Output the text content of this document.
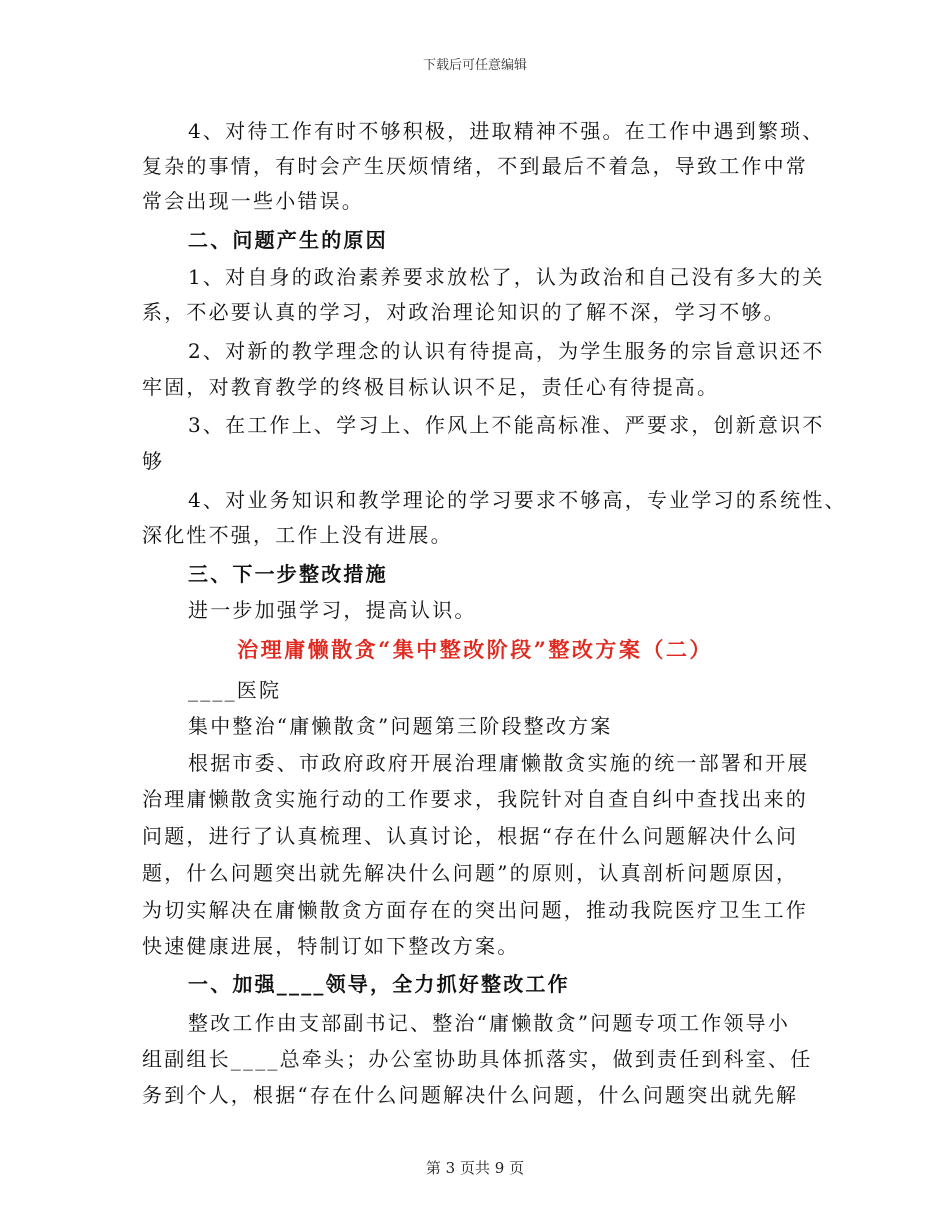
下载后可任意编辑
4、对待工作有时不够积极，进取精神不强。在工作中遇到繁琐、
复杂的事情，有时会产生厌烦情绪，不到最后不着急，导致工作中常
常会出现一些小错误。
二、问题产生的原因
1、对自身的政治素养要求放松了，认为政治和自己没有多大的关
系，不必要认真的学习，对政治理论知识的了解不深，学习不够。
2、对新的教学理念的认识有待提高，为学生服务的宗旨意识还不
牢固，对教育教学的终极目标认识不足，责任心有待提高。
3、在工作上、学习上、作风上不能高标准、严要求，创新意识不
够
4、对业务知识和教学理论的学习要求不够高，专业学习的系统性、
深化性不强，工作上没有进展。
三、下一步整改措施
进一步加强学习，提高认识。
治理庸懒散贪“集中整改阶段”整改方案（二）
____医院
集中整治“庸懒散贪”问题第三阶段整改方案
根据市委、市政府政府开展治理庸懒散贪实施的统一部署和开展
治理庸懒散贪实施行动的工作要求，我院针对自查自纠中查找出来的
问题，进行了认真梳理、认真讨论，根据“存在什么问题解决什么问
题，什么问题突出就先解决什么问题”的原则，认真剖析问题原因，
为切实解决在庸懒散贪方面存在的突出问题，推动我院医疗卫生工作
快速健康进展，特制订如下整改方案。
一、加强____领导，全力抓好整改工作
整改工作由支部副书记、整治“庸懒散贪”问题专项工作领导小
组副组长____总牵头；办公室协助具体抓落实，做到责任到科室、任
务到个人，根据“存在什么问题解决什么问题，什么问题突出就先解
第 3 页共 9 页
